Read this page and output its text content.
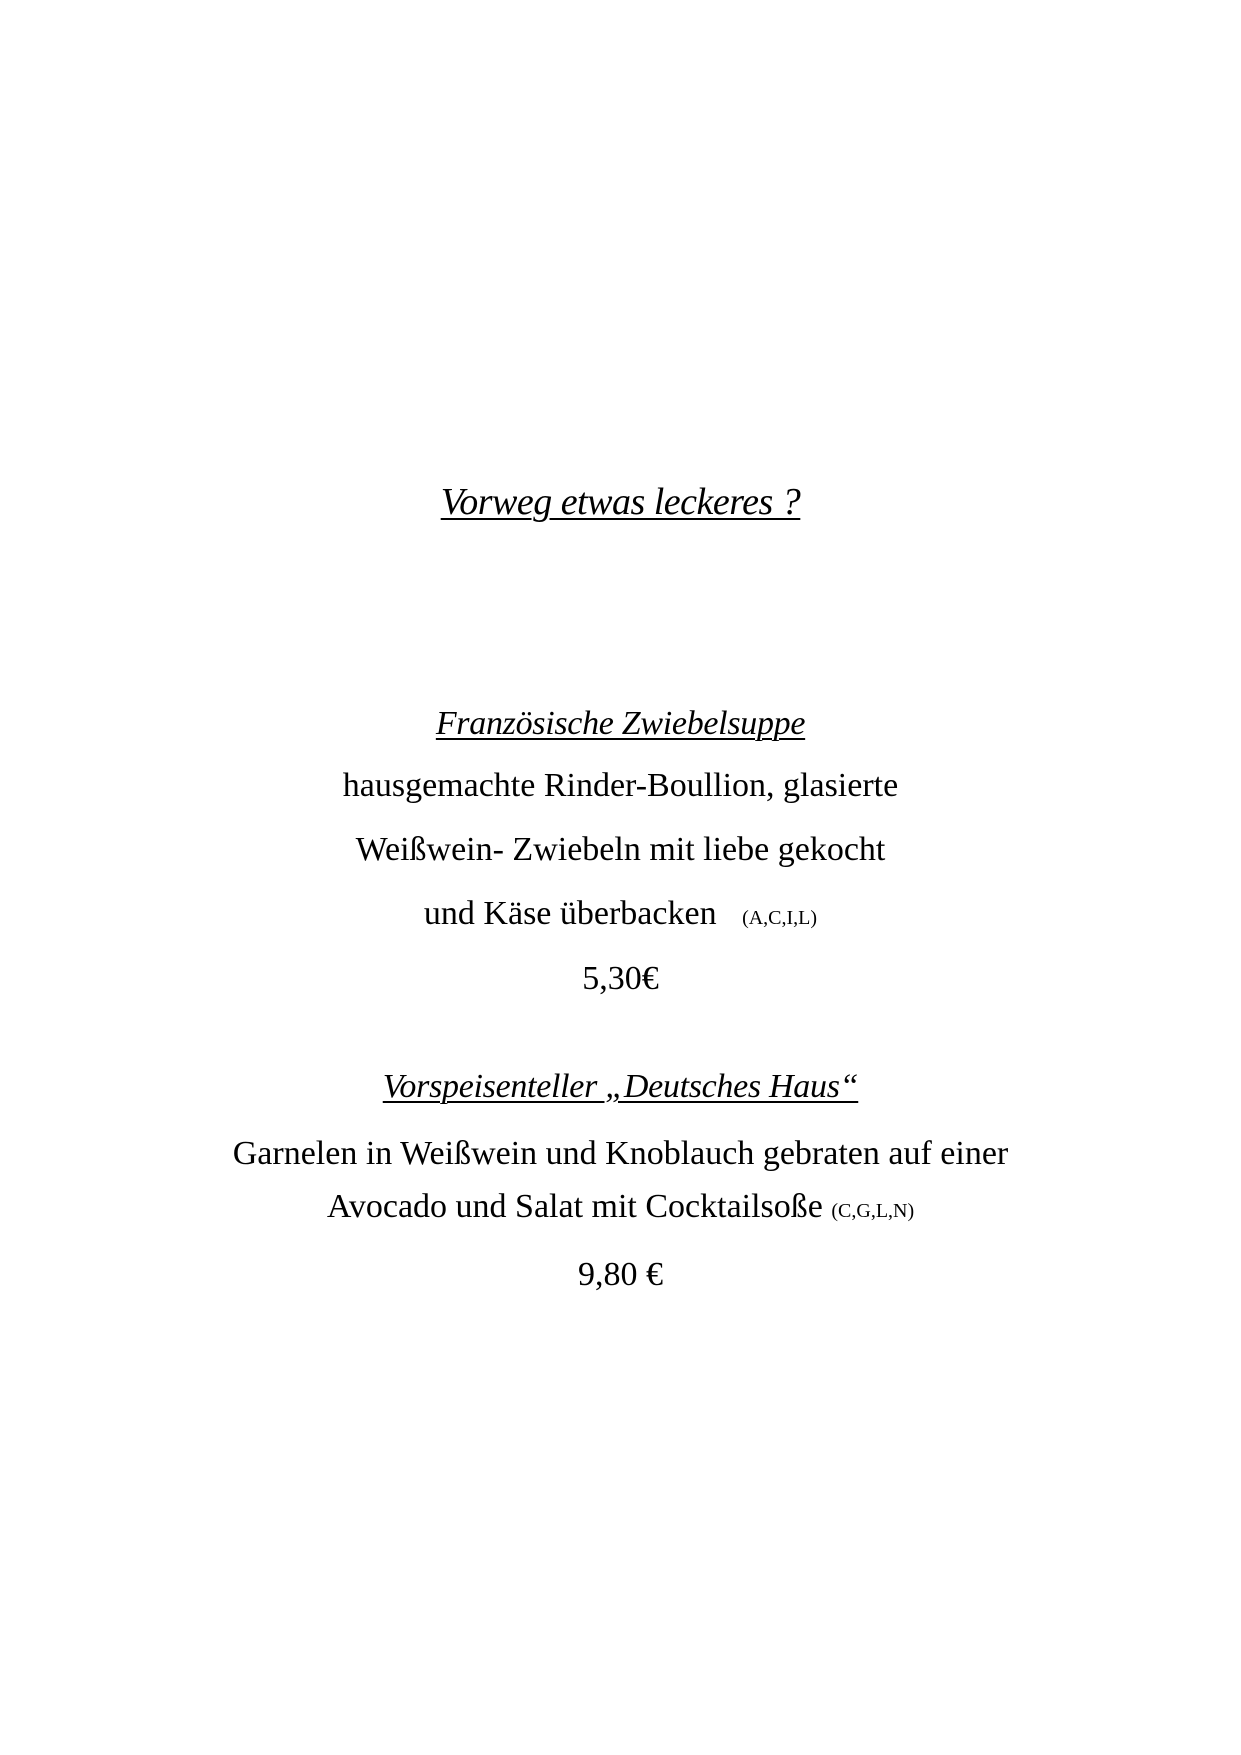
Vorweg etwas leckeres ?
Französische Zwiebelsuppe
hausgemachte Rinder-Boullion, glasierte
Weißwein- Zwiebeln mit liebe gekocht
und Käse überbacken (A,C,I,L)
5,30€
Vorspeisenteller „Deutsches Haus“
Garnelen in Weißwein und Knoblauch gebraten auf einer
Avocado und Salat mit Cocktailsoße (C,G,L,N)
9,80 €
